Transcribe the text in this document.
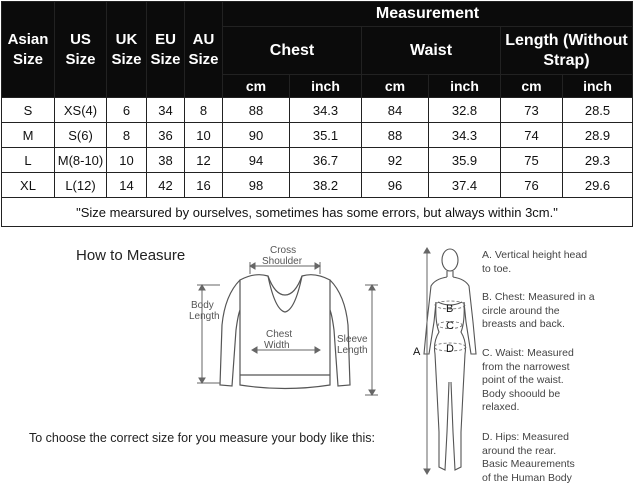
Asian Size	US Size	UK Size	EU Size	AU Size	Measurement					
					Chest		Waist		Length (Without Strap)	
					cm	inch	cm	inch	cm	inch
S	XS(4)	6	34	8	88	34.3	84	32.8	73	28.5
M	S(6)	8	36	10	90	35.1	88	34.3	74	28.9
L	M(8-10)	10	38	12	94	36.7	92	35.9	75	29.3
XL	L(12)	14	42	16	98	38.2	96	37.4	76	29.6
"Size mearsured by ourselves, sometimes has some errors, but always within 3cm."										
How to Measure	Cross
Shoulder
Body
Length
Chest
Width
Sleeve
Length
To choose the correct size for you measure your body like this:
A
B
C
D
A. Vertical height head
to toe.
B. Chest: Measured in a
circle around the
breasts and back.
C. Waist: Measured
from the narrowest
point of the waist.
Body shoould be
relaxed.
D. Hips: Measured
around the rear.
Basic Meaurements
of the Human Body
